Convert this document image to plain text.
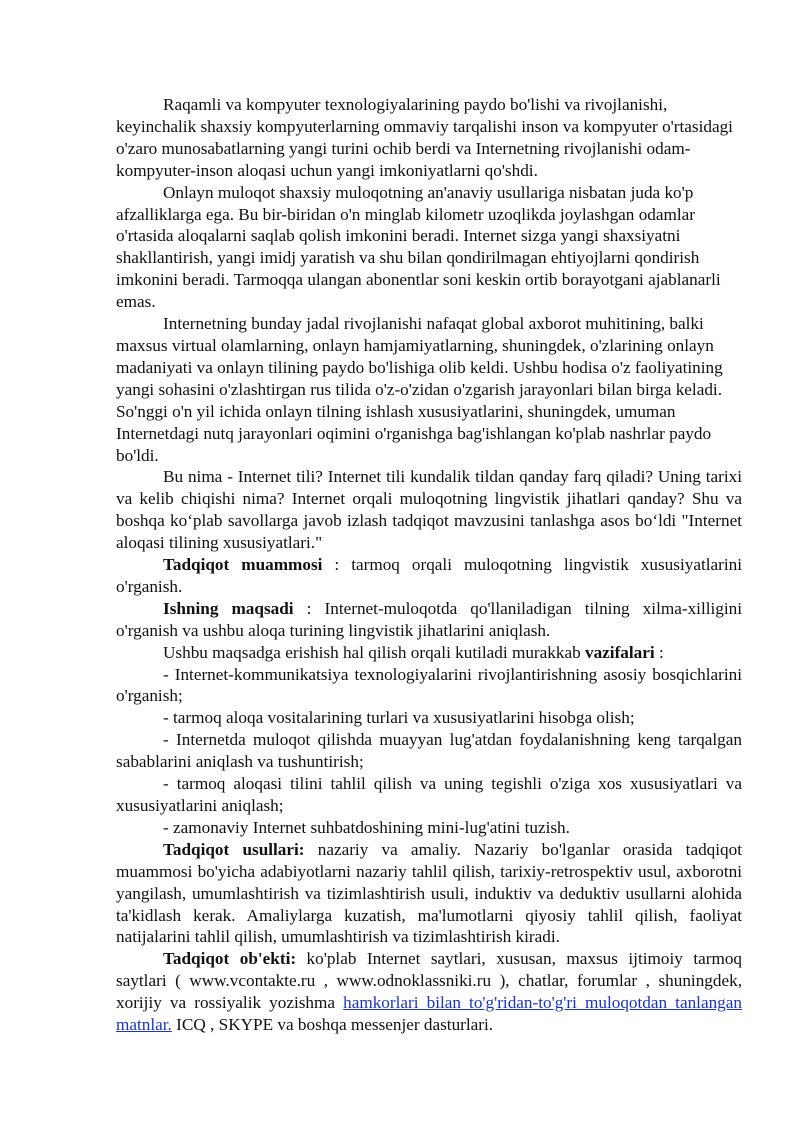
Raqamli va kompyuter texnologiyalarining paydo bo'lishi va rivojlanishi, keyinchalik shaxsiy kompyuterlarning ommaviy tarqalishi inson va kompyuter o'rtasidagi o'zaro munosabatlarning yangi turini ochib berdi va Internetning rivojlanishi odam-kompyuter-inson aloqasi uchun yangi imkoniyatlarni qo'shdi.

Onlayn muloqot shaxsiy muloqotning an'anaviy usullariga nisbatan juda ko'p afzalliklarga ega. Bu bir-biridan o'n minglab kilometr uzoqlikda joylashgan odamlar o'rtasida aloqalarni saqlab qolish imkonini beradi. Internet sizga yangi shaxsiyatni shakllantirish, yangi imidj yaratish va shu bilan qondirilmagan ehtiyojlarni qondirish imkonini beradi. Tarmoqqa ulangan abonentlar soni keskin ortib borayotgani ajablanarli emas.

Internetning bunday jadal rivojlanishi nafaqat global axborot muhitining, balki maxsus virtual olamlarning, onlayn hamjamiyatlarning, shuningdek, o'zlarining onlayn madaniyati va onlayn tilining paydo bo'lishiga olib keldi. Ushbu hodisa o'z faoliyatining yangi sohasini o'zlashtirgan rus tilida o'z-o'zidan o'zgarish jarayonlari bilan birga keladi. So'nggi o'n yil ichida onlayn tilning ishlash xususiyatlarini, shuningdek, umuman Internetdagi nutq jarayonlari oqimini o'rganishga bag'ishlangan ko'plab nashrlar paydo bo'ldi.

Bu nima - Internet tili? Internet tili kundalik tildan qanday farq qiladi? Uning tarixi va kelib chiqishi nima? Internet orqali muloqotning lingvistik jihatlari qanday? Shu va boshqa ko‘plab savollarga javob izlash tadqiqot mavzusini tanlashga asos bo‘ldi "Internet aloqasi tilining xususiyatlari."

Tadqiqot muammosi : tarmoq orqali muloqotning lingvistik xususiyatlarini o'rganish.

Ishning maqsadi : Internet-muloqotda qo'llaniladigan tilning xilma-xilligini o'rganish va ushbu aloqa turining lingvistik jihatlarini aniqlash.

Ushbu maqsadga erishish hal qilish orqali kutiladi murakkab vazifalari :

- Internet-kommunikatsiya texnologiyalarini rivojlantirishning asosiy bosqichlarini o'rganish;

- tarmoq aloqa vositalarining turlari va xususiyatlarini hisobga olish;

- Internetda muloqot qilishda muayyan lug'atdan foydalanishning keng tarqalgan sabablarini aniqlash va tushuntirish;

- tarmoq aloqasi tilini tahlil qilish va uning tegishli o'ziga xos xususiyatlari va xususiyatlarini aniqlash;

- zamonaviy Internet suhbatdoshining mini-lug'atini tuzish.

Tadqiqot usullari: nazariy va amaliy. Nazariy bo'lganlar orasida tadqiqot muammosi bo'yicha adabiyotlarni nazariy tahlil qilish, tarixiy-retrospektiv usul, axborotni yangilash, umumlashtirish va tizimlashtirish usuli, induktiv va deduktiv usullarni alohida ta'kidlash kerak. Amaliylarga kuzatish, ma'lumotlarni qiyosiy tahlil qilish, faoliyat natijalarini tahlil qilish, umumlashtirish va tizimlashtirish kiradi.

Tadqiqot ob'ekti: ko'plab Internet saytlari, xususan, maxsus ijtimoiy tarmoq saytlari ( www.vcontakte.ru , www.odnoklassniki.ru ), chatlar, forumlar , shuningdek, xorijiy va rossiyalik yozishma hamkorlari bilan to'g'ridan-to'g'ri muloqotdan tanlangan matnlar. ICQ , SKYPE va boshqa messenjer dasturlari.
